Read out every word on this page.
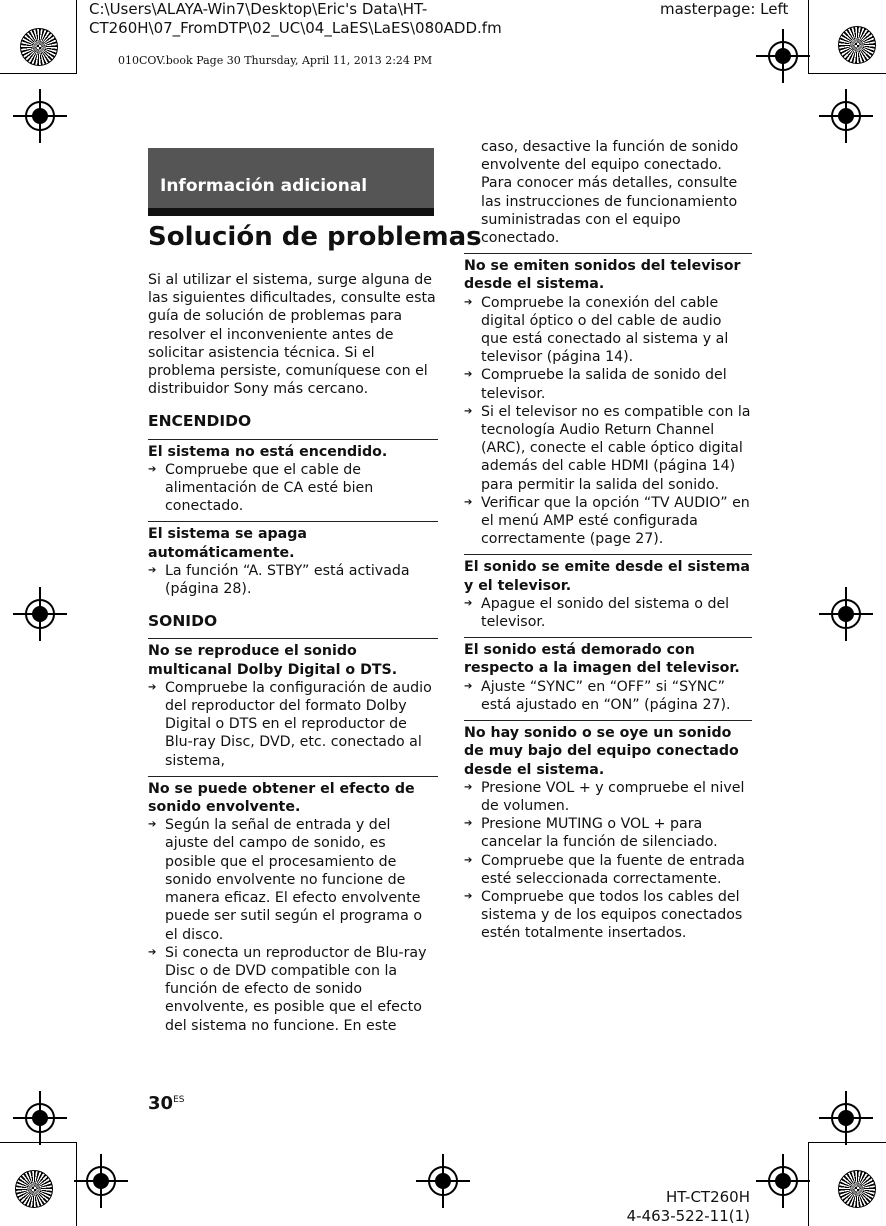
C:\Users\ALAYA-Win7\Desktop\Eric's Data\HT-CT260H\07_FromDTP\02_UC\04_LaES\LaES\080ADD.fm
masterpage: Left
010COV.book Page 30 Thursday, April 11, 2013 2:24 PM
Información adicional
Solución de problemas
Si al utilizar el sistema, surge alguna de las siguientes dificultades, consulte esta guía de solución de problemas para resolver el inconveniente antes de solicitar asistencia técnica. Si el problema persiste, comuníquese con el distribuidor Sony más cercano.
ENCENDIDO
El sistema no está encendido.
➔ Compruebe que el cable de alimentación de CA esté bien conectado.
El sistema se apaga automáticamente.
➔ La función “A. STBY” está activada (página 28).
SONIDO
No se reproduce el sonido multicanal Dolby Digital o DTS.
➔ Compruebe la configuración de audio del reproductor del formato Dolby Digital o DTS en el reproductor de Blu-ray Disc, DVD, etc. conectado al sistema,
No se puede obtener el efecto de sonido envolvente.
➔ Según la señal de entrada y del ajuste del campo de sonido, es posible que el procesamiento de sonido envolvente no funcione de manera eficaz. El efecto envolvente puede ser sutil según el programa o el disco.
➔ Si conecta un reproductor de Blu-ray Disc o de DVD compatible con la función de efecto de sonido envolvente, es posible que el efecto del sistema no funcione. En este
caso, desactive la función de sonido envolvente del equipo conectado. Para conocer más detalles, consulte las instrucciones de funcionamiento suministradas con el equipo conectado.
No se emiten sonidos del televisor desde el sistema.
➔ Compruebe la conexión del cable digital óptico o del cable de audio que está conectado al sistema y al televisor (página 14).
➔ Compruebe la salida de sonido del televisor.
➔ Si el televisor no es compatible con la tecnología Audio Return Channel (ARC), conecte el cable óptico digital además del cable HDMI (página 14) para permitir la salida del sonido.
➔ Verificar que la opción “TV AUDIO” en el menú AMP esté configurada correctamente (page 27).
El sonido se emite desde el sistema y el televisor.
➔ Apague el sonido del sistema o del televisor.
El sonido está demorado con respecto a la imagen del televisor.
➔ Ajuste “SYNC” en “OFF” si “SYNC” está ajustado en “ON” (página 27).
No hay sonido o se oye un sonido de muy bajo del equipo conectado desde el sistema.
➔ Presione VOL + y compruebe el nivel de volumen.
➔ Presione MUTING o VOL + para cancelar la función de silenciado.
➔ Compruebe que la fuente de entrada esté seleccionada correctamente.
➔ Compruebe que todos los cables del sistema y de los equipos conectados estén totalmente insertados.
$30^{ES}$
HT-CT260H
4-463-522-11(1)
